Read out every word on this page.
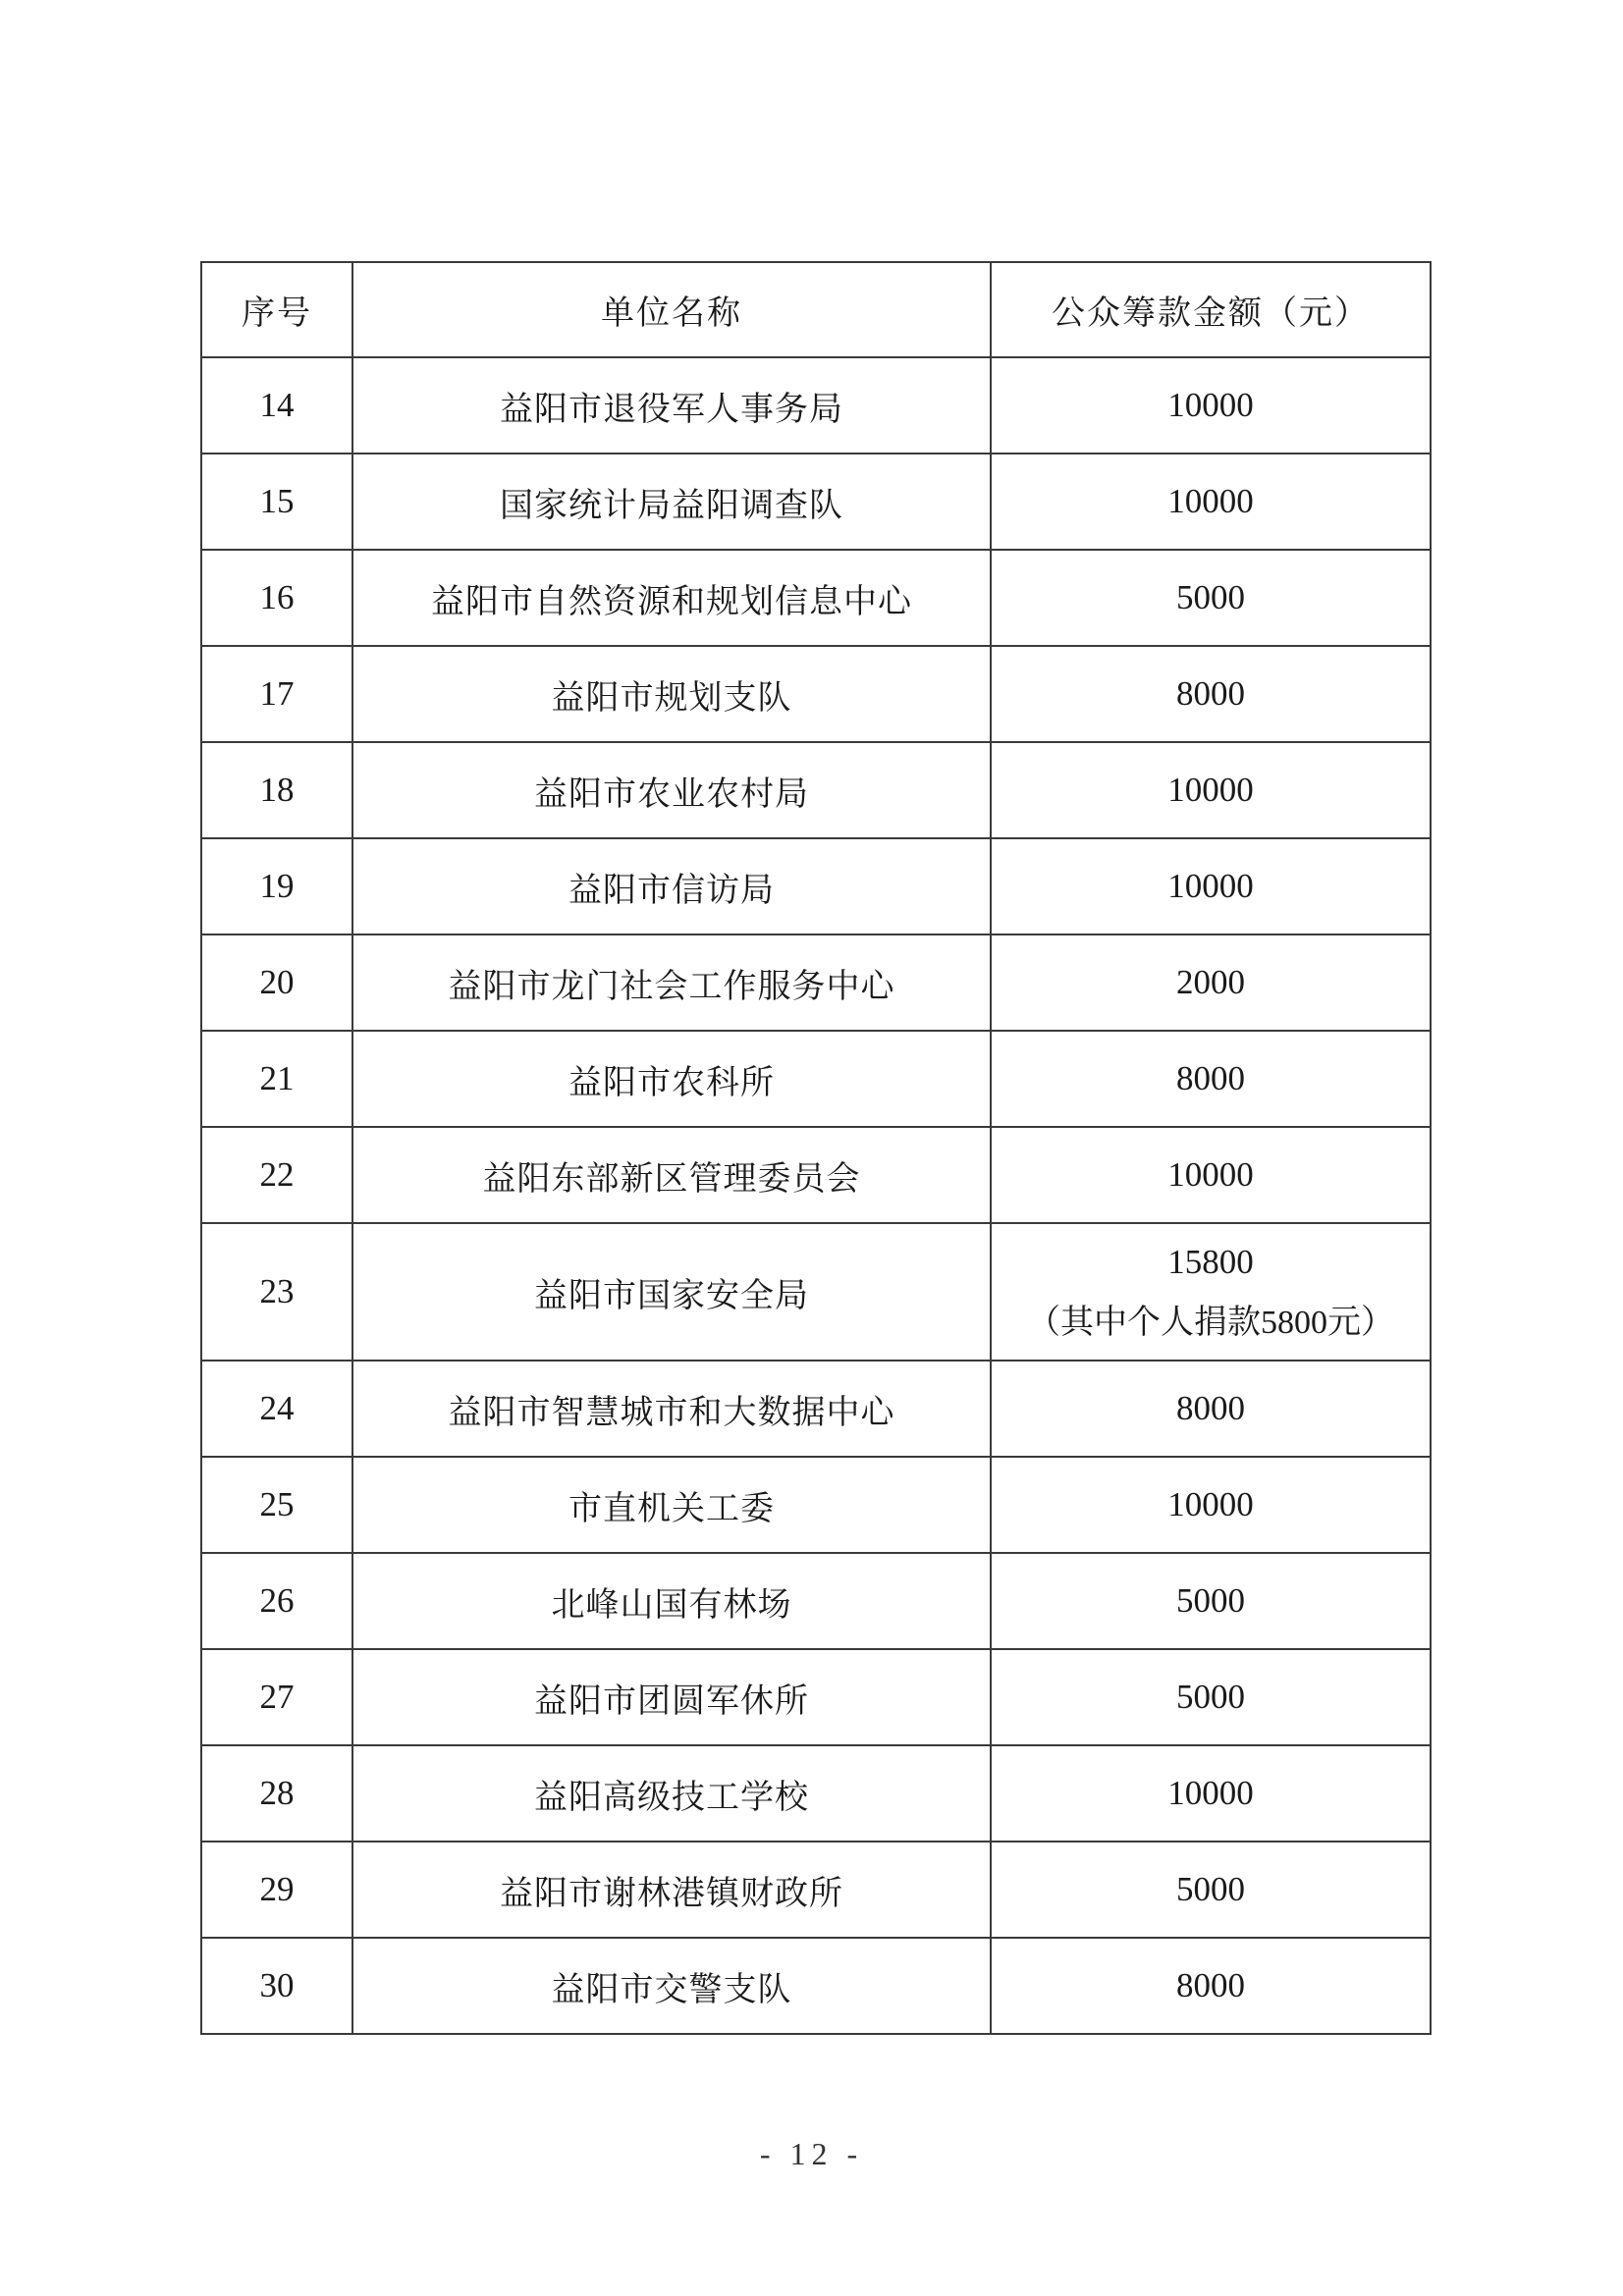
序号	单位名称	公众筹款金额（元）
14	益阳市退役军人事务局	10000

15	国家统计局益阳调查队	10000

16	益阳市自然资源和规划信息中心	5000

17	益阳市规划支队	8000

18	益阳市农业农村局	10000

19	益阳市信访局	10000

20	益阳市龙门社会工作服务中心	2000

21	益阳市农科所	8000

22	益阳东部新区管理委员会	10000

23	益阳市国家安全局	15800
（其中个人捐款5800元）

24	益阳市智慧城市和大数据中心	8000

25	市直机关工委	10000

26	北峰山国有林场	5000

27	益阳市团圆军休所	5000

28	益阳高级技工学校	10000

29	益阳市谢林港镇财政所	5000

30	益阳市交警支队	8000
- 12 -
